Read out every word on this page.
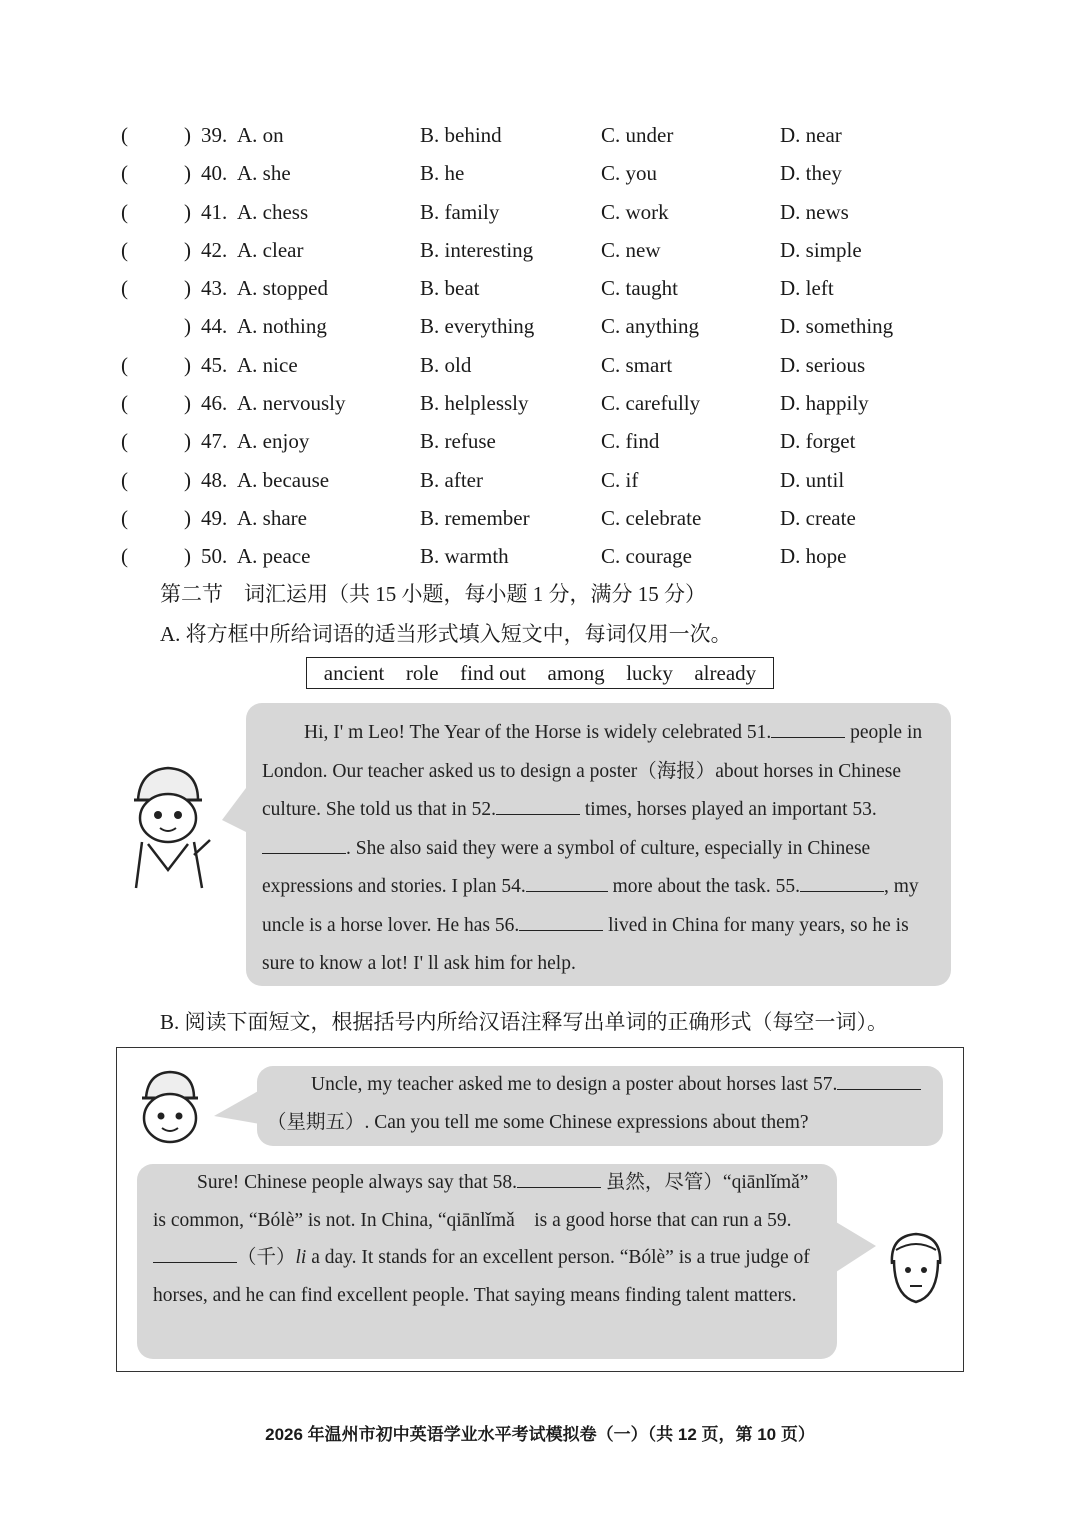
(	) 39. A. on	B. behind	C. under	D. near
(	) 40. A. she	B. he	C. you	D. they
(	) 41. A. chess	B. family	C. work	D. news
(	) 42. A. clear	B. interesting	C. new	D. simple
(	) 43. A. stopped	B. beat	C. taught	D. left
) 44. A. nothing	B. everything	C. anything	D. something
(	) 45. A. nice	B. old	C. smart	D. serious
(	) 46. A. nervously	B. helplessly	C. carefully	D. happily
(	) 47. A. enjoy	B. refuse	C. find	D. forget
(	) 48. A. because	B. after	C. if	D. until
(	) 49. A. share	B. remember	C. celebrate	D. create
(	) 50. A. peace	B. warmth	C. courage	D. hope
第二节　词汇运用（共 15 小题，每小题 1 分，满分 15 分）
A. 将方框中所给词语的适当形式填入短文中，每词仅用一次。
ancient role find out among lucky already

Hi, I' m Leo! The Year of the Horse is widely celebrated 51.	people in London. Our teacher asked us to design a poster（海报）about horses in Chinese culture. She told us that in 52.	times, horses played an important 53.. She also said they were a symbol of culture, especially in Chinese expressions and stories. I plan 54.	more about the task. 55.	, my uncle is a horse lover. He has 56.	lived in China for many years, so he is sure to know a lot! I' ll ask him for help.

B. 阅读下面短文，根据括号内所给汉语注释写出单词的正确形式（每空一词）。

Uncle, my teacher asked me to design a poster about horses last 57.（星期五）. Can you tell me some Chinese expressions about them?

Sure! Chinese people always say that 58.	虽然，尽管）“qiānlǐmǎ” is common, “Bólè” is not. In China, “qiānlǐmǎ　is a good horse that can run a 59.（千）li a day. It stands for an excellent person. “Bólè” is a true judge of horses, and he can find excellent people. That saying means finding talent matters.

2026 年温州市初中英语学业水平考试模拟卷（一）（共 12 页，第 10 页）
